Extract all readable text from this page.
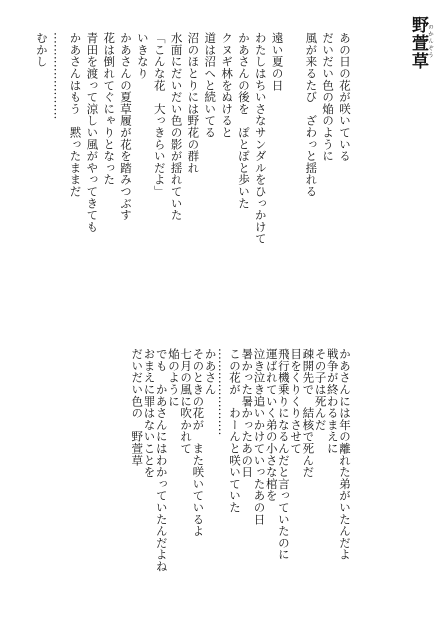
野萱草 のかんぞう
あの日の花が咲いている
だいだい色の焔のように
風が来るたび　ざわっと揺れる
遠い夏の日
わたしはちいさなサンダルをひっかけて
かあさんの後を　ぽとぽと歩いた
クヌギ林をぬけると
道は沼へと続いてる
沼のほとりには野花の群れ
水面にだいだい色の影が揺れていた
「こんな花　大っきらいだよ」
いきなり
かあさんの夏草履が花を踏みつぶす
花は倒れてぐにゃりとなった
青田を渡って涼しい風がやってきても
かあさんはもう　黙ったままだ
‥‥‥‥‥‥‥‥‥‥‥
むかし
かあさんには年の離れた弟がいたんだよ
戦争が終わるまえに
その子は死んだ
疎開先で　結核で死んだ
目をくりくりさせて
飛行機乗りになるんだと言っていたのに
運ばれていく弟の小さな棺を
泣き泣き追いかけていったあの日
暑かった暑かったあの日
この花が　わーんと咲いていた
‥‥‥‥‥‥‥‥‥‥‥
かあさん
そのときの花が　また咲いているよ
七月の風に吹かれて
焔のように
でも　かあさんにはわかっていたんだよね
おまえに罪はないことを
だいだい色の　野萱草
